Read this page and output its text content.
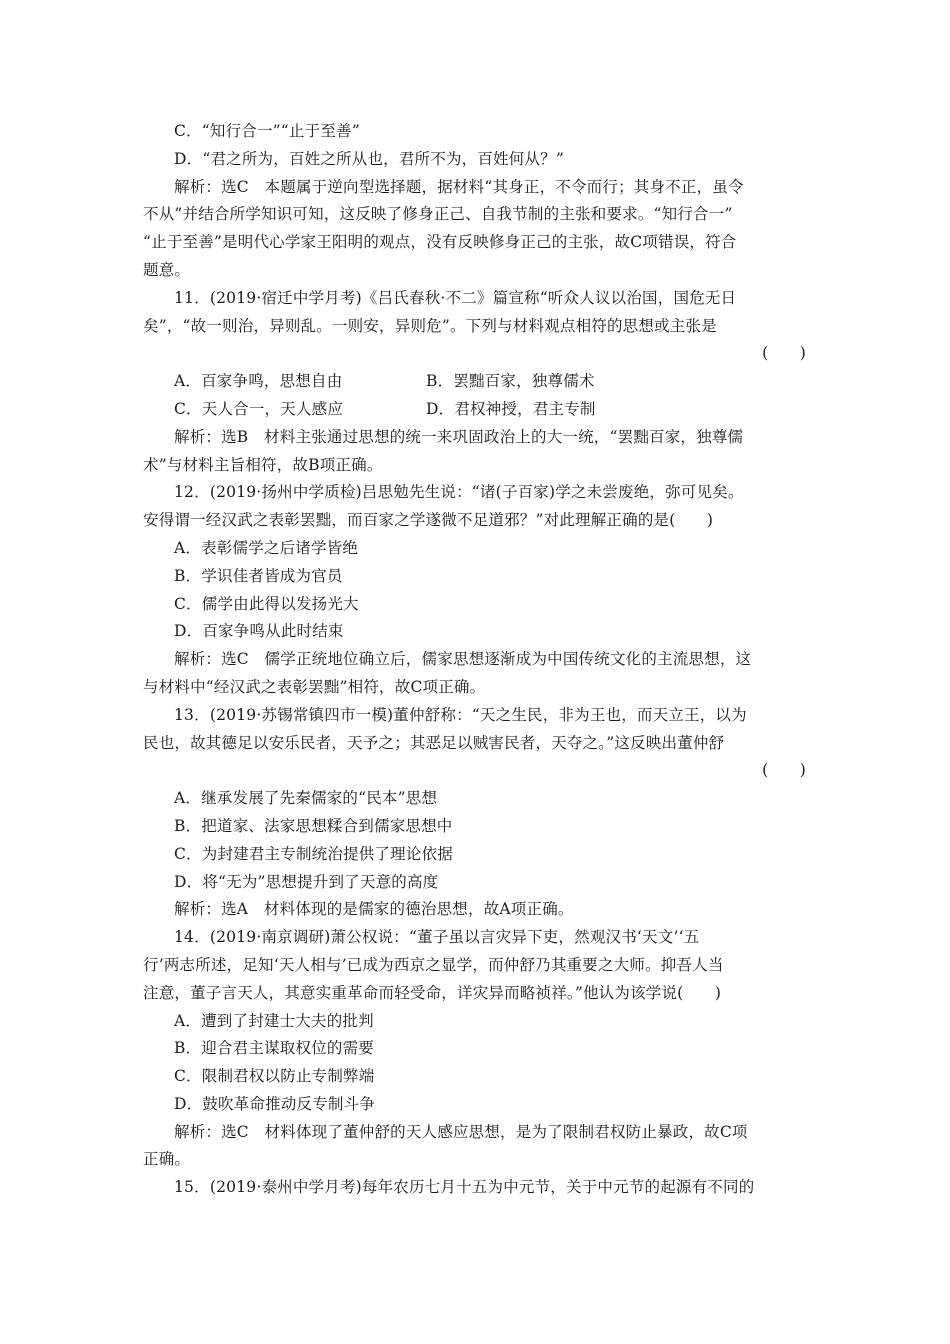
C．“知行合一”“止于至善”
D．“君之所为，百姓之所从也，君所不为，百姓何从？”
解析：选C　本题属于逆向型选择题，据材料“其身正，不令而行；其身不正，虽令
不从”并结合所学知识可知，这反映了修身正己、自我节制的主张和要求。“知行合一”
“止于至善”是明代心学家王阳明的观点，没有反映修身正己的主张，故C项错误，符合
题意。
11．(2019·宿迁中学月考)《吕氏春秋·不二》篇宣称“听众人议以治国，国危无日
矣”，“故一则治，异则乱。一则安，异则危”。下列与材料观点相符的思想或主张是
(　　)
A．百家争鸣，思想自由	B．罢黜百家，独尊儒术
C．天人合一，天人感应	D．君权神授，君主专制
解析：选B　材料主张通过思想的统一来巩固政治上的大一统，“罢黜百家，独尊儒
术”与材料主旨相符，故B项正确。
12．(2019·扬州中学质检)吕思勉先生说：“诸(子百家)学之未尝废绝，弥可见矣。
安得谓一经汉武之表彰罢黜，而百家之学遂微不足道邪？”对此理解正确的是(　　)
A．表彰儒学之后诸学皆绝
B．学识佳者皆成为官员
C．儒学由此得以发扬光大
D．百家争鸣从此时结束
解析：选C　儒学正统地位确立后，儒家思想逐渐成为中国传统文化的主流思想，这
与材料中“经汉武之表彰罢黜”相符，故C项正确。
13．(2019·苏锡常镇四市一模)董仲舒称：“天之生民，非为王也，而天立王，以为
民也，故其德足以安乐民者，天予之；其恶足以贼害民者，天夺之。”这反映出董仲舒
(　　)
A．继承发展了先秦儒家的“民本”思想
B．把道家、法家思想糅合到儒家思想中
C．为封建君主专制统治提供了理论依据
D．将“无为”思想提升到了天意的高度
解析：选A　材料体现的是儒家的德治思想，故A项正确。
14．(2019·南京调研)萧公权说：“董子虽以言灾异下吏，然观汉书‘天文’‘五
行’两志所述，足知‘天人相与’已成为西京之显学，而仲舒乃其重要之大师。抑吾人当
注意，董子言天人，其意实重革命而轻受命，详灾异而略祯祥。”他认为该学说(　　)
A．遭到了封建士大夫的批判
B．迎合君主谋取权位的需要
C．限制君权以防止专制弊端
D．鼓吹革命推动反专制斗争
解析：选C　材料体现了董仲舒的天人感应思想，是为了限制君权防止暴政，故C项
正确。
15．(2019·泰州中学月考)每年农历七月十五为中元节，关于中元节的起源有不同的
